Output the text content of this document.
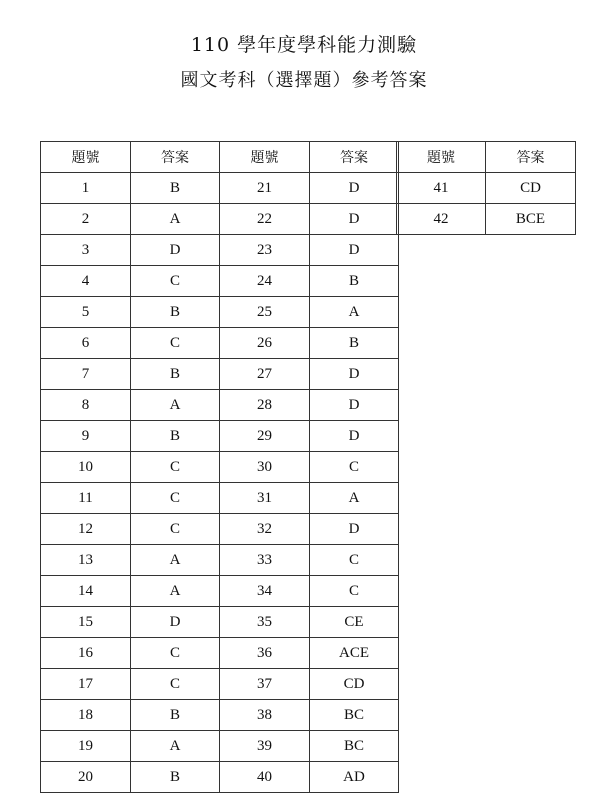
110 學年度學科能力測驗
國文考科（選擇題）參考答案
題號	答案	題號	答案
1	B	21	D
2	A	22	D
3	D	23	D
4	C	24	B
5	B	25	A
6	C	26	B
7	B	27	D
8	A	28	D
9	B	29	D
10	C	30	C
11	C	31	A
12	C	32	D
13	A	33	C
14	A	34	C
15	D	35	CE
16	C	36	ACE
17	C	37	CD
18	B	38	BC
19	A	39	BC
20	B	40	AD
題號	答案
41	CD
42	BCE
